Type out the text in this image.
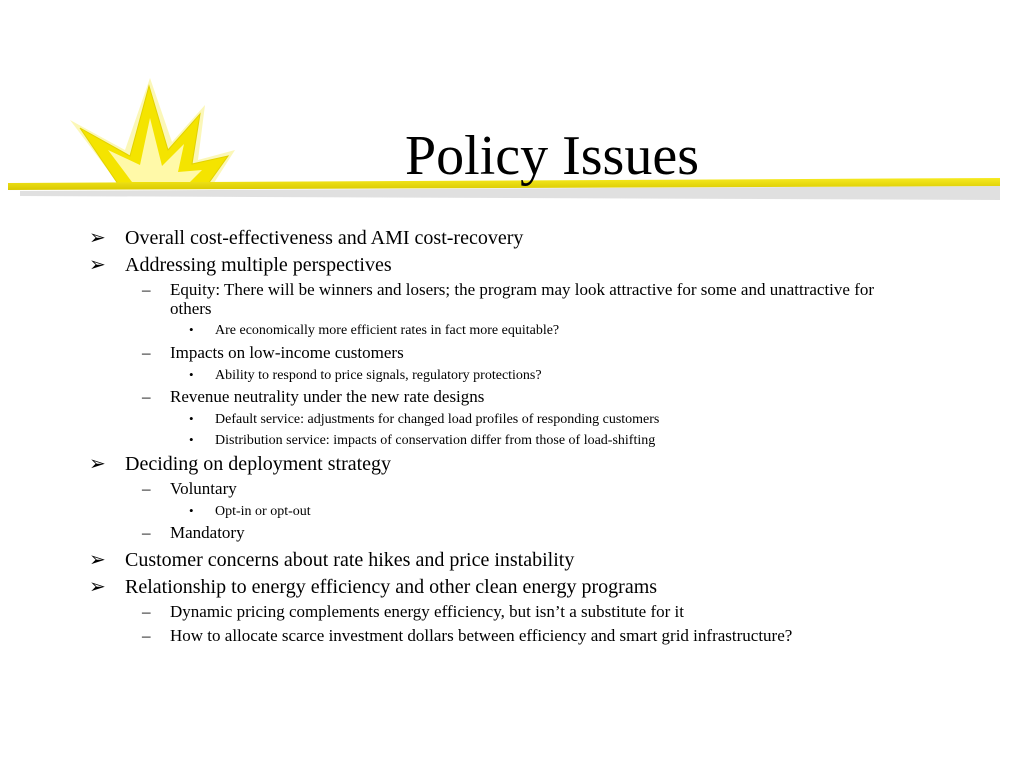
Policy Issues
➢ Overall cost-effectiveness and AMI cost-recovery
➢ Addressing multiple perspectives
– Equity: There will be winners and losers; the program may look attractive for some and unattractive for others
• Are economically more efficient rates in fact more equitable?
– Impacts on low-income customers
• Ability to respond to price signals, regulatory protections?
– Revenue neutrality under the new rate designs
• Default service: adjustments for changed load profiles of responding customers
• Distribution service: impacts of conservation differ from those of load-shifting
➢ Deciding on deployment strategy
– Voluntary
• Opt-in or opt-out
– Mandatory
➢ Customer concerns about rate hikes and price instability
➢ Relationship to energy efficiency and other clean energy programs
– Dynamic pricing complements energy efficiency, but isn’t a substitute for it
– How to allocate scarce investment dollars between efficiency and smart grid infrastructure?
